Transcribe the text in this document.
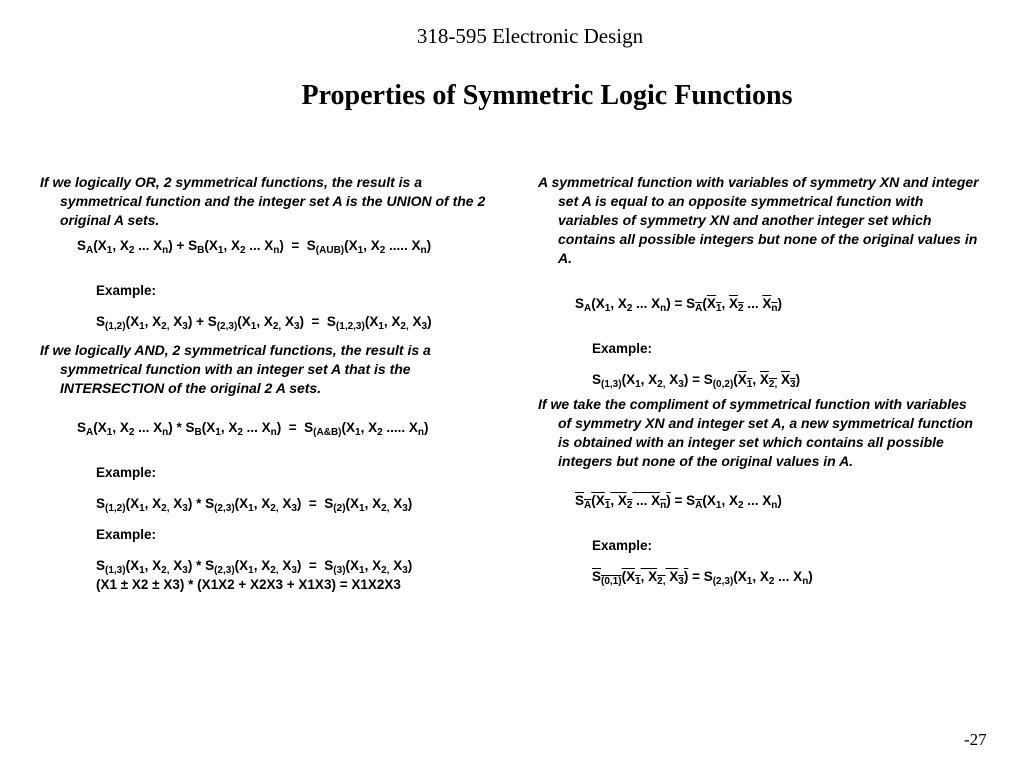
318-595 Electronic Design
Properties of Symmetric Logic Functions

If we logically OR, 2 symmetrical functions, the result is a symmetrical function and the integer set A is the UNION of the 2 original A sets.

$S_A(X_1$, $X_2$ ... $X_n) + S_B(X_1$, $X_2$ ... $X_n) = S_{(AUB)}(X_1$, $X_2$ ..... $X_n$)
Example:
$S_{(1,2)}(X_1$, $X_{2,}$ $X_3) + S_{(2,3)}(X_1$, $X_{2,}$ $X_3) = S_{(1,2,3)}(X_1$, $X_{2,}$ $X_3$)

If we logically AND, 2 symmetrical functions, the result is a symmetrical function with an integer set A that is the INTERSECTION of the original 2 A sets.

$S_A(X_1$, $X_2$ ... $X_n) * S_B(X_1$, $X_2$ ... $X_n) = S_{(A\&B)}(X_1$, $X_2$ ..... $X_n$)
Example:
$S_{(1,2)}(X_1$, $X_{2,}$ $X_3) * S_{(2,3)}(X_1$, $X_{2,}$ $X_3) = S_{(2)}(X_1$, $X_{2,}$ $X_3$)
Example:
$S_{(1,3)}(X_1$, $X_{2,}$ $X_3) * S_{(2,3)}(X_1$, $X_{2,}$ $X_3) = S_{(3)}(X_1$, $X_{2,}$ $X_3$)
(X1 ± X2 ± X3) * (X1X2 + X2X3 + X1X3) = X1X2X3

A symmetrical function with variables of symmetry XN and integer set A is equal to an opposite symmetrical function with variables of symmetry XN and another integer set which contains all possible integers but none of the original values in A.

$S_A(X_1$, $X_2$ ... $X_n) = S_{\overline{A}}(X_1$, $X_2$ ... $X_n$)
Example:
$S_{(1,3)}(X_1$, $X_{2,}$ $X_3) = S_{(0,2)}(X_1$, $X_{2,}$ $X_3$)

If we take the compliment of symmetrical function with variables of symmetry XN and integer set A, a new symmetrical function is obtained with an integer set which contains all possible integers but none of the original values in A.

$S_A(X_1$, $X_2$ ... $X_n) = S_{\overline{A}}(X_1$, $X_2$ ... $X_n$)
Example:
$S_{(0,1)}(X_1$, $X_{2,}$ $X_3) = S_{(2,3)}(X_1$, $X_2$ ... $X_n$)
-27
